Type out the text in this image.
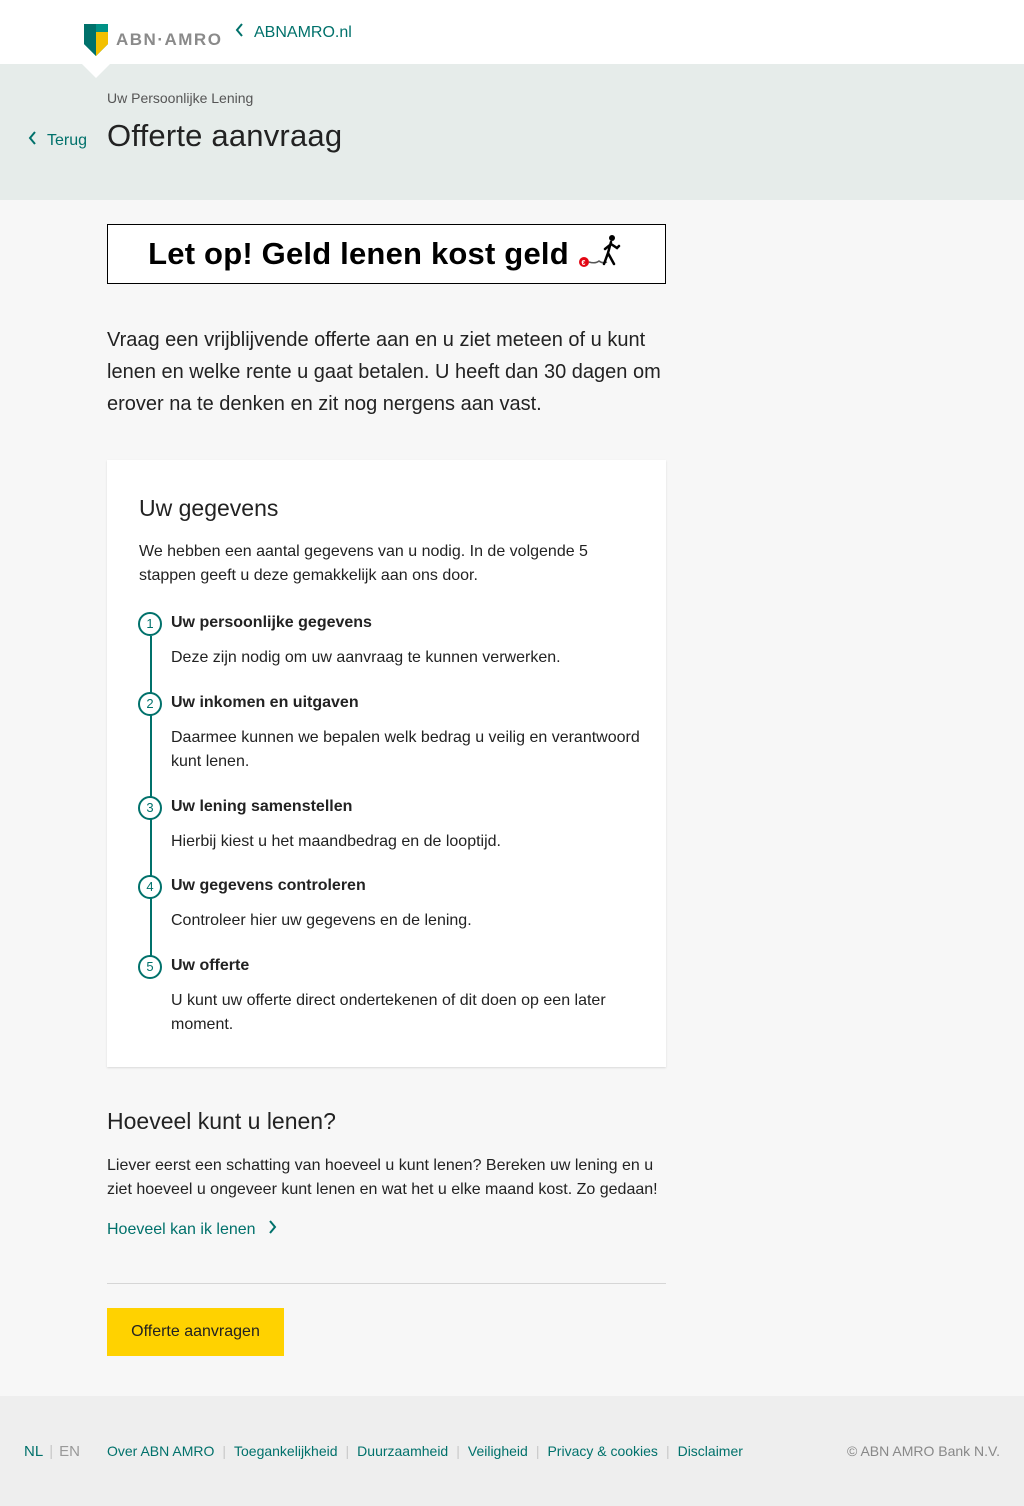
ABN·AMRO ABNAMRO.nl
Terug
Uw Persoonlijke Lening
Offerte aanvraag
Let op! Geld lenen kost geld €

Vraag een vrijblijvende offerte aan en u ziet meteen of u kunt lenen en welke rente u gaat betalen. U heeft dan 30 dagen om erover na te denken en zit nog nergens aan vast.

Uw gegevens

We hebben een aantal gegevens van u nodig. In de volgende 5 stappen geeft u deze gemakkelijk aan ons door.

1	Uw persoonlijke gegevens
Deze zijn nodig om uw aanvraag te kunnen verwerken.
2	Uw inkomen en uitgaven
Daarmee kunnen we bepalen welk bedrag u veilig en verantwoord kunt lenen.
3	Uw lening samenstellen
Hierbij kiest u het maandbedrag en de looptijd.
4	Uw gegevens controleren
Controleer hier uw gegevens en de lening.
5	Uw offerte
U kunt uw offerte direct ondertekenen of dit doen op een later moment.
Hoeveel kunt u lenen?

Liever eerst een schatting van hoeveel u kunt lenen? Bereken uw lening en u ziet hoeveel u ongeveer kunt lenen en wat het u elke maand kost. Zo gedaan!

Hoeveel kan ik lenen
Offerte aanvragen
NL | EN Over ABN AMRO | Toegankelijkheid | Duurzaamheid | Veiligheid | Privacy & cookies | Disclaimer	© ABN AMRO Bank N.V.
